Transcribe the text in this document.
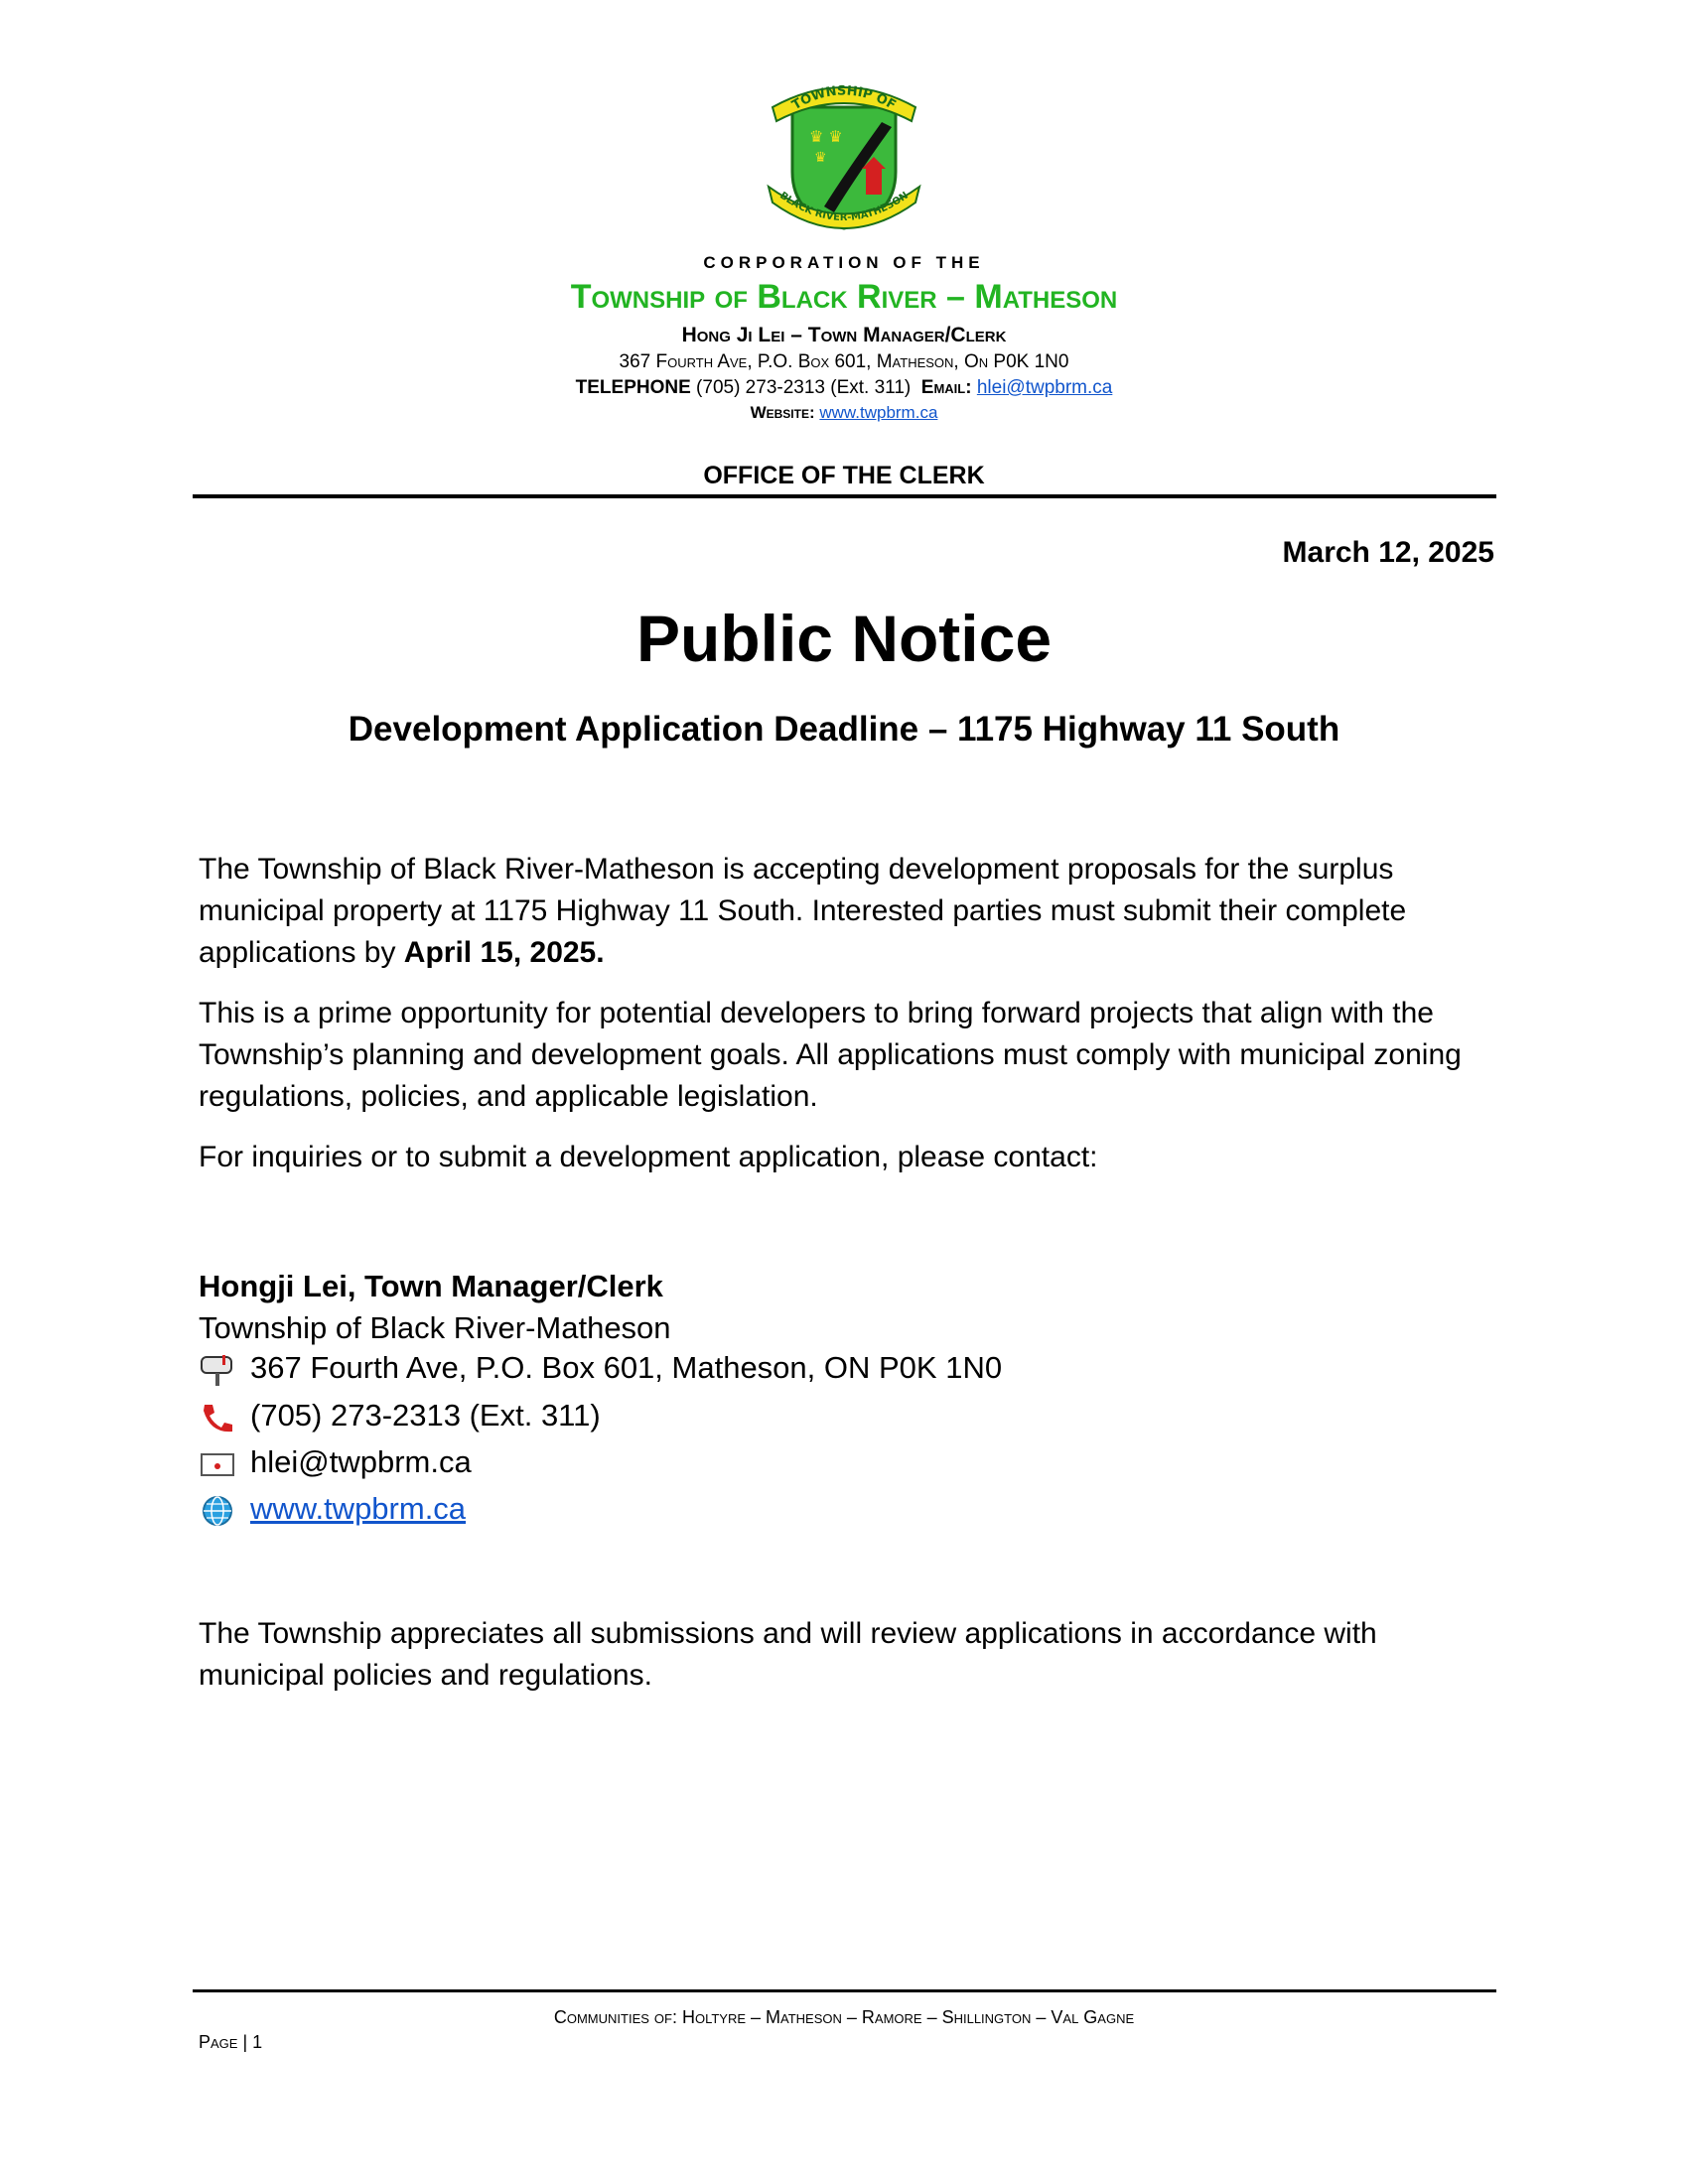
♛ ♛
♛
TOWNSHIP OF
BLACK RIVER-MATHESON
CORPORATION OF THE
Township of Black River – Matheson
Hong Ji Lei – Town Manager/Clerk
367 Fourth Ave, P.O. Box 601, Matheson, On P0K 1N0
TELEPHONE (705) 273-2313 (Ext. 311) Email: hlei@twpbrm.ca
Website: www.twpbrm.ca
OFFICE OF THE CLERK
March 12, 2025
Public Notice
Development Application Deadline – 1175 Highway 11 South
The Township of Black River-Matheson is accepting development proposals for the surplus municipal property at 1175 Highway 11 South. Interested parties must submit their complete applications by April 15, 2025.
This is a prime opportunity for potential developers to bring forward projects that align with the Township’s planning and development goals. All applications must comply with municipal zoning regulations, policies, and applicable legislation.
For inquiries or to submit a development application, please contact:
Hongji Lei, Town Manager/Clerk
Township of Black River-Matheson
367 Fourth Ave, P.O. Box 601, Matheson, ON P0K 1N0
(705) 273-2313 (Ext. 311)
hlei@twpbrm.ca
www.twpbrm.ca
The Township appreciates all submissions and will review applications in accordance with municipal policies and regulations.
Communities of: Holtyre – Matheson – Ramore – Shillington – Val Gagne
Page | 1
